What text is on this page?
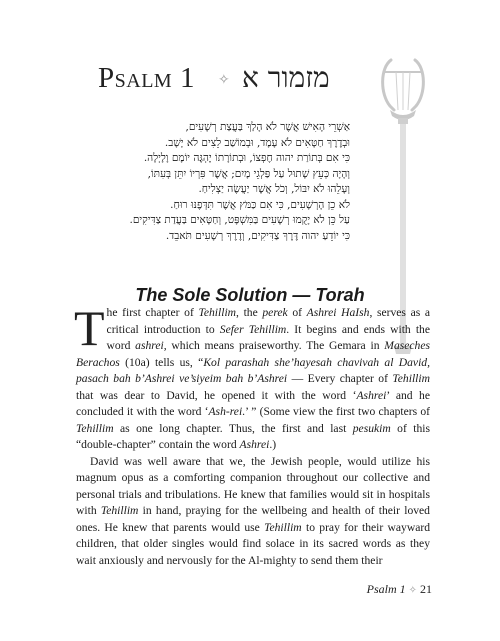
PSALM 1 ✧ מזמור א
אַשְׁרֵי הָאִישׁ אֲשֶׁר לֹא הָלַךְ בַּעֲצַת רְשָׁעִים,
וּבְדֶרֶךְ חַטָּאִים לֹא עָמָד, וּבְמוֹשַׁב לֵצִים לֹא יָשָׁב.
כִּי אִם בְּתוֹרַת יהוה חֶפְצוֹ, וּבְתוֹרָתוֹ יֶהְגֶּה יוֹמָם וָלָיְלָה.
וְהָיָה כְּעֵץ שָׁתוּל עַל פַּלְגֵי מָיִם; אֲשֶׁר פִּרְיוֹ יִתֵּן בְּעִתּוֹ,
וְעָלֵהוּ לֹא יִבּוֹל, וְכֹל אֲשֶׁר יַעֲשֶׂה יַצְלִיחַ.
לֹא כֵן הָרְשָׁעִים, כִּי אִם כַּמֹּץ אֲשֶׁר תִּדְּפֶנּוּ רוּחַ.
עַל כֵּן לֹא יָקֻמוּ רְשָׁעִים בַּמִּשְׁפָּט, וְחַטָּאִים בַּעֲדַת צַדִּיקִים.
כִּי יוֹדֵעַ יהוה דֶּרֶךְ צַדִּיקִים, וְדֶרֶךְ רְשָׁעִים תֹּאבֵד.
The Sole Solution — Torah

The first chapter of Tehillim, the perek of Ashrei HaIsh, serves as a critical introduction to Sefer Tehillim. It begins and ends with the word ashrei, which means praiseworthy. The Gemara in Maseches Berachos (10a) tells us, “Kol parashah she’hayesah chavivah al David, pasach bah b’Ashrei ve’siyeim bah b’Ashrei — Every chapter of Tehillim that was dear to David, he opened it with the word ‘Ashrei’ and he concluded it with the word ‘Ash-rei.’ ” (Some view the first two chapters of Tehillim as one long chapter. Thus, the first and last pesukim of this “double-chapter” contain the word Ashrei.)

David was well aware that we, the Jewish people, would utilize his magnum opus as a comforting companion throughout our collective and personal trials and tribulations. He knew that families would sit in hospitals with Tehillim in hand, praying for the wellbeing and health of their loved ones. He knew that parents would use Tehillim to pray for their wayward children, that older singles would find solace in its sacred words as they wait anxiously and nervously for the Al-mighty to send them their

Psalm 1 ✧ 21
